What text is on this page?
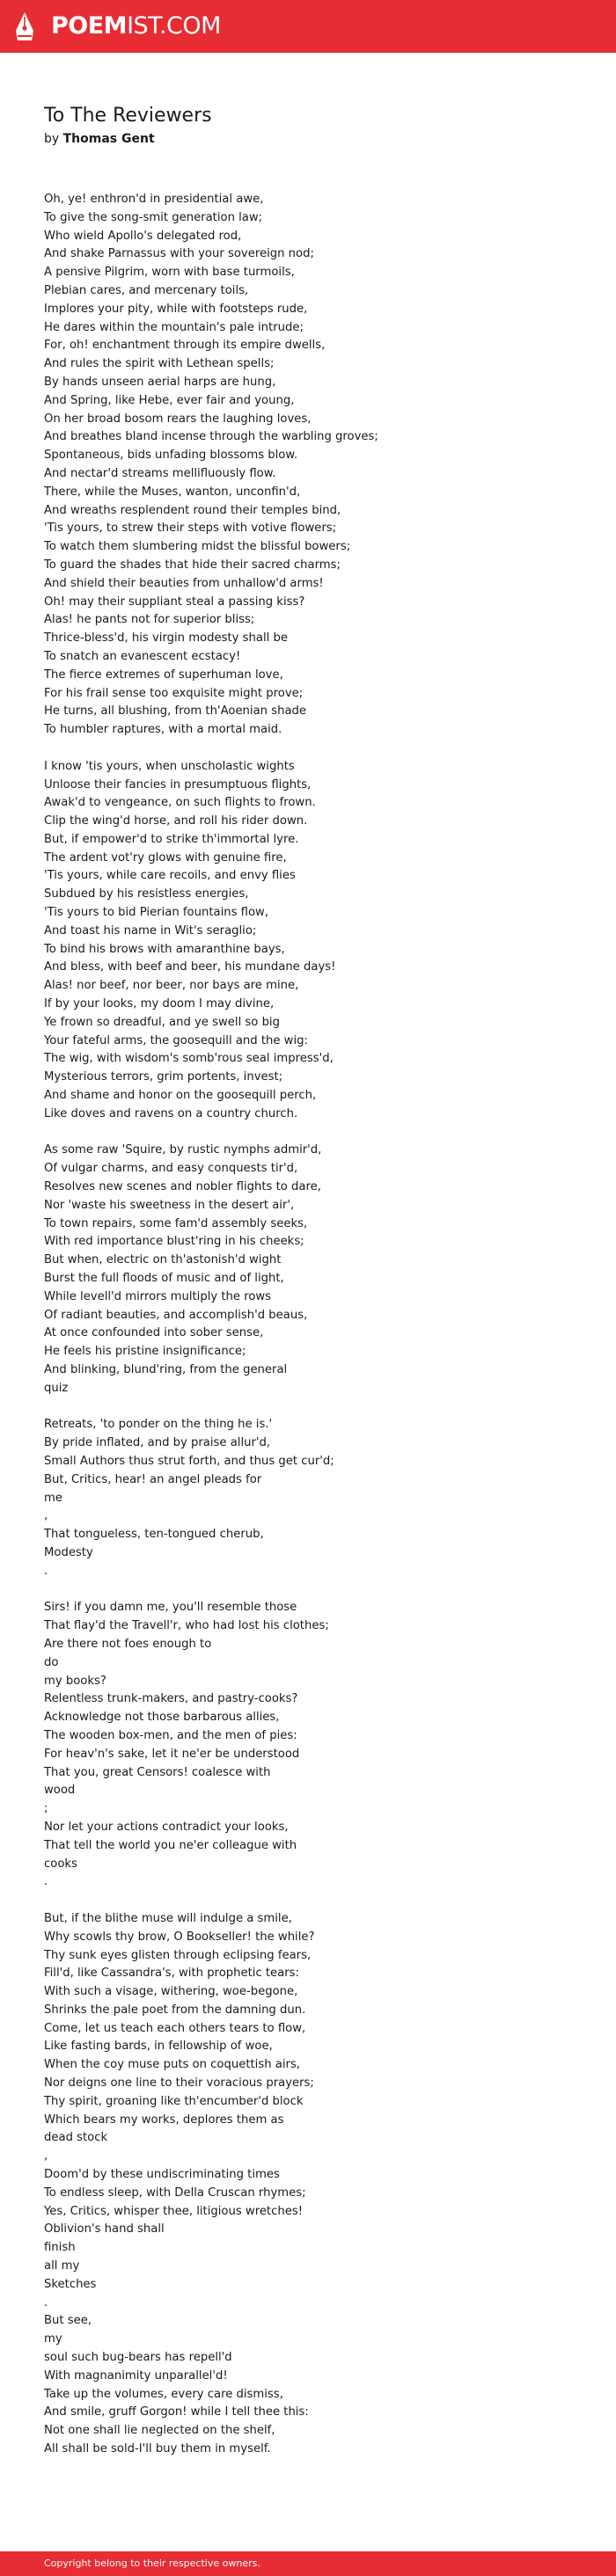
POEMIST.COM
To The Reviewers
by Thomas Gent
Oh, ye! enthron'd in presidential awe,
To give the song-smit generation law;
Who wield Apollo's delegated rod,
And shake Parnassus with your sovereign nod;
A pensive Pilgrim, worn with base turmoils,
Plebian cares, and mercenary toils,
Implores your pity, while with footsteps rude,
He dares within the mountain's pale intrude;
For, oh! enchantment through its empire dwells,
And rules the spirit with Lethean spells;
By hands unseen aerial harps are hung,
And Spring, like Hebe, ever fair and young,
On her broad bosom rears the laughing loves,
And breathes bland incense through the warbling groves;
Spontaneous, bids unfading blossoms blow.
And nectar'd streams mellifluously flow.
There, while the Muses, wanton, unconfin'd,
And wreaths resplendent round their temples bind,
'Tis yours, to strew their steps with votive flowers;
To watch them slumbering midst the blissful bowers;
To guard the shades that hide their sacred charms;
And shield their beauties from unhallow'd arms!
Oh! may their suppliant steal a passing kiss?
Alas! he pants not for superior bliss;
Thrice-bless'd, his virgin modesty shall be
To snatch an evanescent ecstacy!
The fierce extremes of superhuman love,
For his frail sense too exquisite might prove;
He turns, all blushing, from th'Aoenian shade
To humbler raptures, with a mortal maid.

I know 'tis yours, when unscholastic wights
Unloose their fancies in presumptuous flights,
Awak'd to vengeance, on such flights to frown.
Clip the wing'd horse, and roll his rider down.
But, if empower'd to strike th'immortal lyre.
The ardent vot'ry glows with genuine fire,
'Tis yours, while care recoils, and envy flies
Subdued by his resistless energies,
'Tis yours to bid Pierian fountains flow,
And toast his name in Wit's seraglio;
To bind his brows with amaranthine bays,
And bless, with beef and beer, his mundane days!
Alas! nor beef, nor beer, nor bays are mine,
If by your looks, my doom I may divine,
Ye frown so dreadful, and ye swell so big
Your fateful arms, the goosequill and the wig:
The wig, with wisdom's somb'rous seal impress'd,
Mysterious terrors, grim portents, invest;
And shame and honor on the goosequill perch,
Like doves and ravens on a country church.

As some raw 'Squire, by rustic nymphs admir'd,
Of vulgar charms, and easy conquests tir'd,
Resolves new scenes and nobler flights to dare,
Nor 'waste his sweetness in the desert air',
To town repairs, some fam'd assembly seeks,
With red importance blust'ring in his cheeks;
But when, electric on th'astonish'd wight
Burst the full floods of music and of light,
While levell'd mirrors multiply the rows
Of radiant beauties, and accomplish'd beaus,
At once confounded into sober sense,
He feels his pristine insignificance;
And blinking, blund'ring, from the general
quiz

Retreats, 'to ponder on the thing he is.'
By pride inflated, and by praise allur'd,
Small Authors thus strut forth, and thus get cur'd;
But, Critics, hear! an angel pleads for
me
,
That tongueless, ten-tongued cherub,
Modesty
.

Sirs! if you damn me, you'll resemble those
That flay'd the Travell'r, who had lost his clothes;
Are there not foes enough to
do
my books?
Relentless trunk-makers, and pastry-cooks?
Acknowledge not those barbarous allies,
The wooden box-men, and the men of pies:
For heav'n's sake, let it ne'er be understood
That you, great Censors! coalesce with
wood
;
Nor let your actions contradict your looks,
That tell the world you ne'er colleague with
cooks
.

But, if the blithe muse will indulge a smile,
Why scowls thy brow, O Bookseller! the while?
Thy sunk eyes glisten through eclipsing fears,
Fill'd, like Cassandra's, with prophetic tears:
With such a visage, withering, woe-begone,
Shrinks the pale poet from the damning dun.
Come, let us teach each others tears to flow,
Like fasting bards, in fellowship of woe,
When the coy muse puts on coquettish airs,
Nor deigns one line to their voracious prayers;
Thy spirit, groaning like th'encumber'd block
Which bears my works, deplores them as
dead stock
,
Doom'd by these undiscriminating times
To endless sleep, with Della Cruscan rhymes;
Yes, Critics, whisper thee, litigious wretches!
Oblivion's hand shall
finish
all my
Sketches
.
But see,
my
soul such bug-bears has repell'd
With magnanimity unparallel'd!
Take up the volumes, every care dismiss,
And smile, gruff Gorgon! while I tell thee this:
Not one shall lie neglected on the shelf,
All shall be sold-I'll buy them in myself.
Copyright belong to their respective owners.
